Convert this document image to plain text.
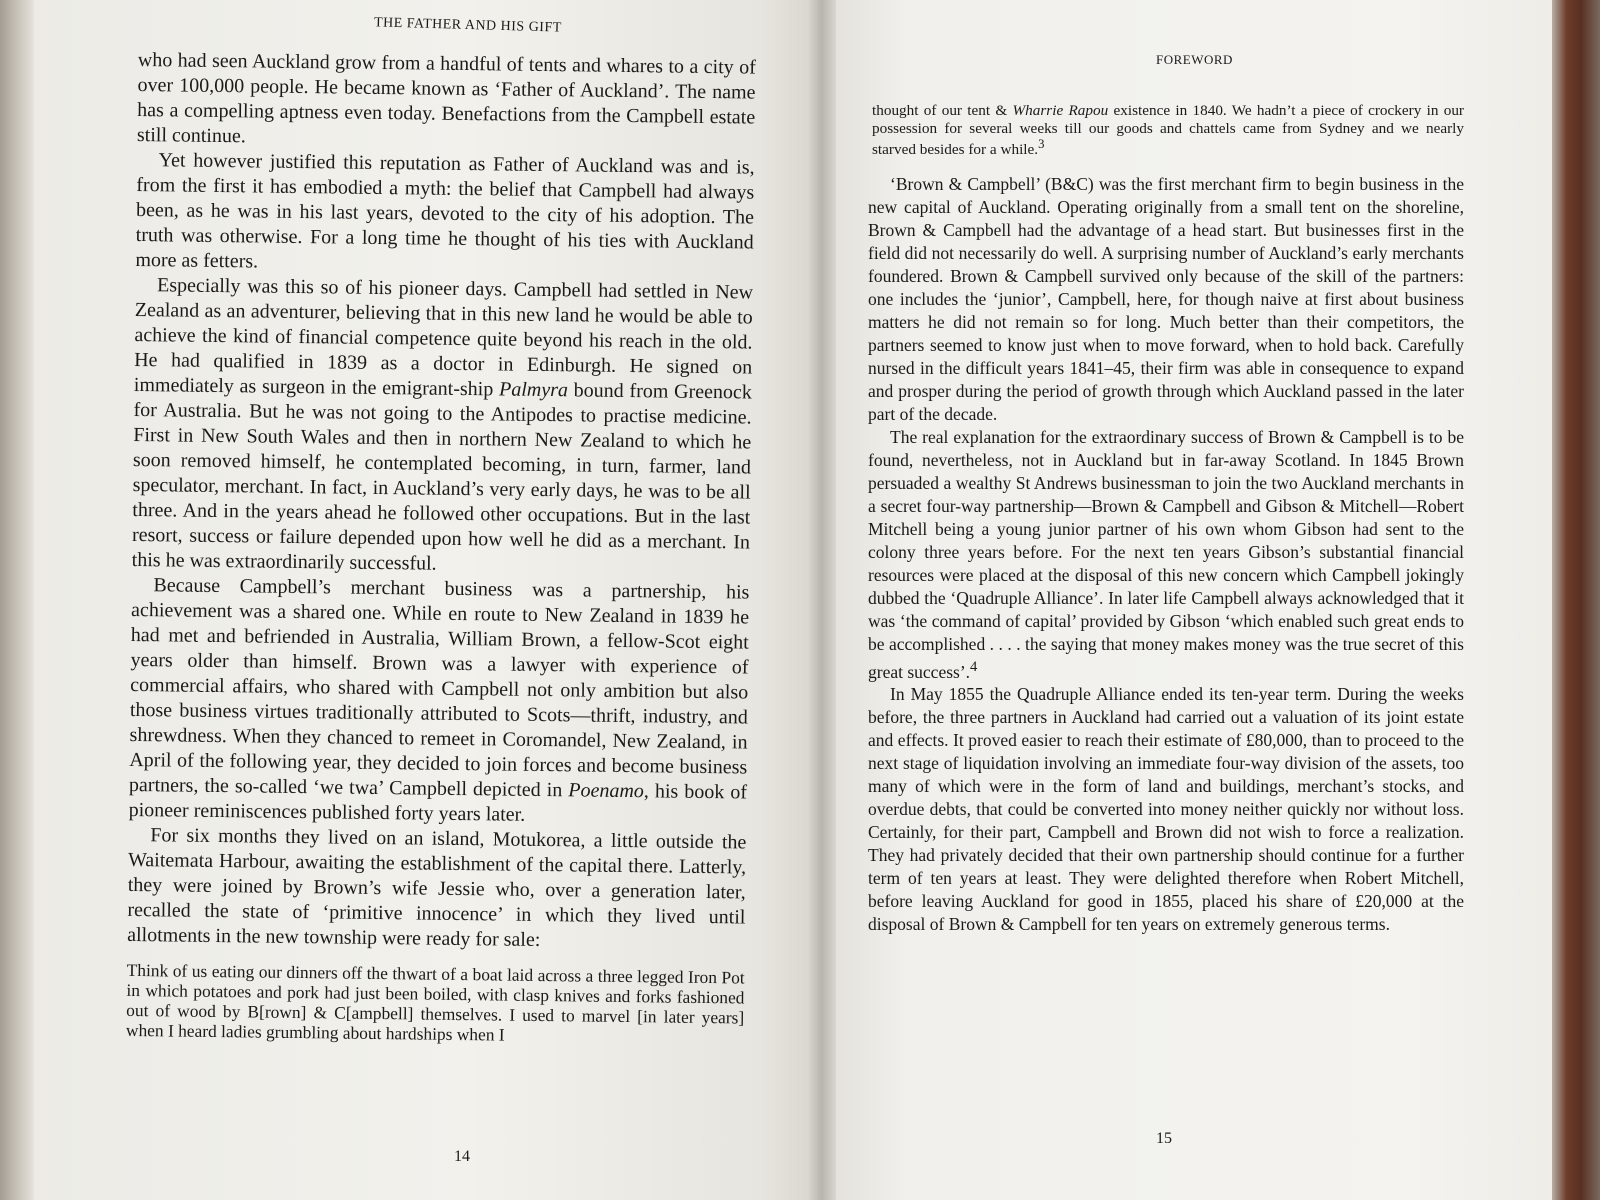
THE FATHER AND HIS GIFT

who had seen Auckland grow from a handful of tents and whares to a city of over 100,000 people. He became known as ‘Father of Auckland’. The name has a compelling aptness even today. Benefactions from the Campbell estate still continue.

Yet however justified this reputation as Father of Auckland was and is, from the first it has embodied a myth: the belief that Campbell had always been, as he was in his last years, devoted to the city of his adoption. The truth was otherwise. For a long time he thought of his ties with Auckland more as fetters.

Especially was this so of his pioneer days. Campbell had settled in New Zealand as an adventurer, believing that in this new land he would be able to achieve the kind of financial competence quite beyond his reach in the old. He had qualified in 1839 as a doctor in Edinburgh. He signed on immediately as surgeon in the emigrant-ship Palmyra bound from Greenock for Australia. But he was not going to the Antipodes to practise medicine. First in New South Wales and then in northern New Zealand to which he soon removed himself, he contemplated becoming, in turn, farmer, land speculator, merchant. In fact, in Auckland’s very early days, he was to be all three. And in the years ahead he followed other occupations. But in the last resort, success or failure depended upon how well he did as a merchant. In this he was extraordinarily successful.

Because Campbell’s merchant business was a partnership, his achievement was a shared one. While en route to New Zealand in 1839 he had met and befriended in Australia, William Brown, a fellow-Scot eight years older than himself. Brown was a lawyer with experience of commercial affairs, who shared with Campbell not only ambition but also those business virtues traditionally attributed to Scots—thrift, industry, and shrewdness. When they chanced to remeet in Coromandel, New Zealand, in April of the following year, they decided to join forces and become business partners, the so-called ‘we twa’ Campbell depicted in Poenamo, his book of pioneer reminiscences published forty years later.

For six months they lived on an island, Motukorea, a little outside the Waitemata Harbour, awaiting the establishment of the capital there. Latterly, they were joined by Brown’s wife Jessie who, over a generation later, recalled the state of ‘primitive innocence’ in which they lived until allotments in the new township were ready for sale:

Think of us eating our dinners off the thwart of a boat laid across a three legged Iron Pot in which potatoes and pork had just been boiled, with clasp knives and forks fashioned out of wood by B[rown] & C[ampbell] themselves. I used to marvel [in later years] when I heard ladies grumbling about hardships when I

14
FOREWORD

thought of our tent & Wharrie Rapou existence in 1840. We hadn’t a piece of crockery in our possession for several weeks till our goods and chattels came from Sydney and we nearly starved besides for a while.$^3$

‘Brown & Campbell’ (B&C) was the first merchant firm to begin business in the new capital of Auckland. Operating originally from a small tent on the shoreline, Brown & Campbell had the advantage of a head start. But businesses first in the field did not necessarily do well. A surprising number of Auckland’s early merchants foundered. Brown & Campbell survived only because of the skill of the partners: one includes the ‘junior’, Campbell, here, for though naive at first about business matters he did not remain so for long. Much better than their competitors, the partners seemed to know just when to move forward, when to hold back. Carefully nursed in the difficult years 1841–45, their firm was able in consequence to expand and prosper during the period of growth through which Auckland passed in the later part of the decade.

The real explanation for the extraordinary success of Brown & Campbell is to be found, nevertheless, not in Auckland but in far-away Scotland. In 1845 Brown persuaded a wealthy St Andrews businessman to join the two Auckland merchants in a secret four-way partnership—Brown & Campbell and Gibson & Mitchell—Robert Mitchell being a young junior partner of his own whom Gibson had sent to the colony three years before. For the next ten years Gibson’s substantial financial resources were placed at the disposal of this new concern which Campbell jokingly dubbed the ‘Quadruple Alliance’. In later life Campbell always acknowledged that it was ‘the command of capital’ provided by Gibson ‘which enabled such great ends to be accomplished . . . . the saying that money makes money was the true secret of this great success’.$^4$

In May 1855 the Quadruple Alliance ended its ten-year term. During the weeks before, the three partners in Auckland had carried out a valuation of its joint estate and effects. It proved easier to reach their estimate of £80,000, than to proceed to the next stage of liquidation involving an immediate four-way division of the assets, too many of which were in the form of land and buildings, merchant’s stocks, and overdue debts, that could be converted into money neither quickly nor without loss. Certainly, for their part, Campbell and Brown did not wish to force a realization. They had privately decided that their own partnership should continue for a further term of ten years at least. They were delighted therefore when Robert Mitchell, before leaving Auckland for good in 1855, placed his share of £20,000 at the disposal of Brown & Campbell for ten years on extremely generous terms.

15
